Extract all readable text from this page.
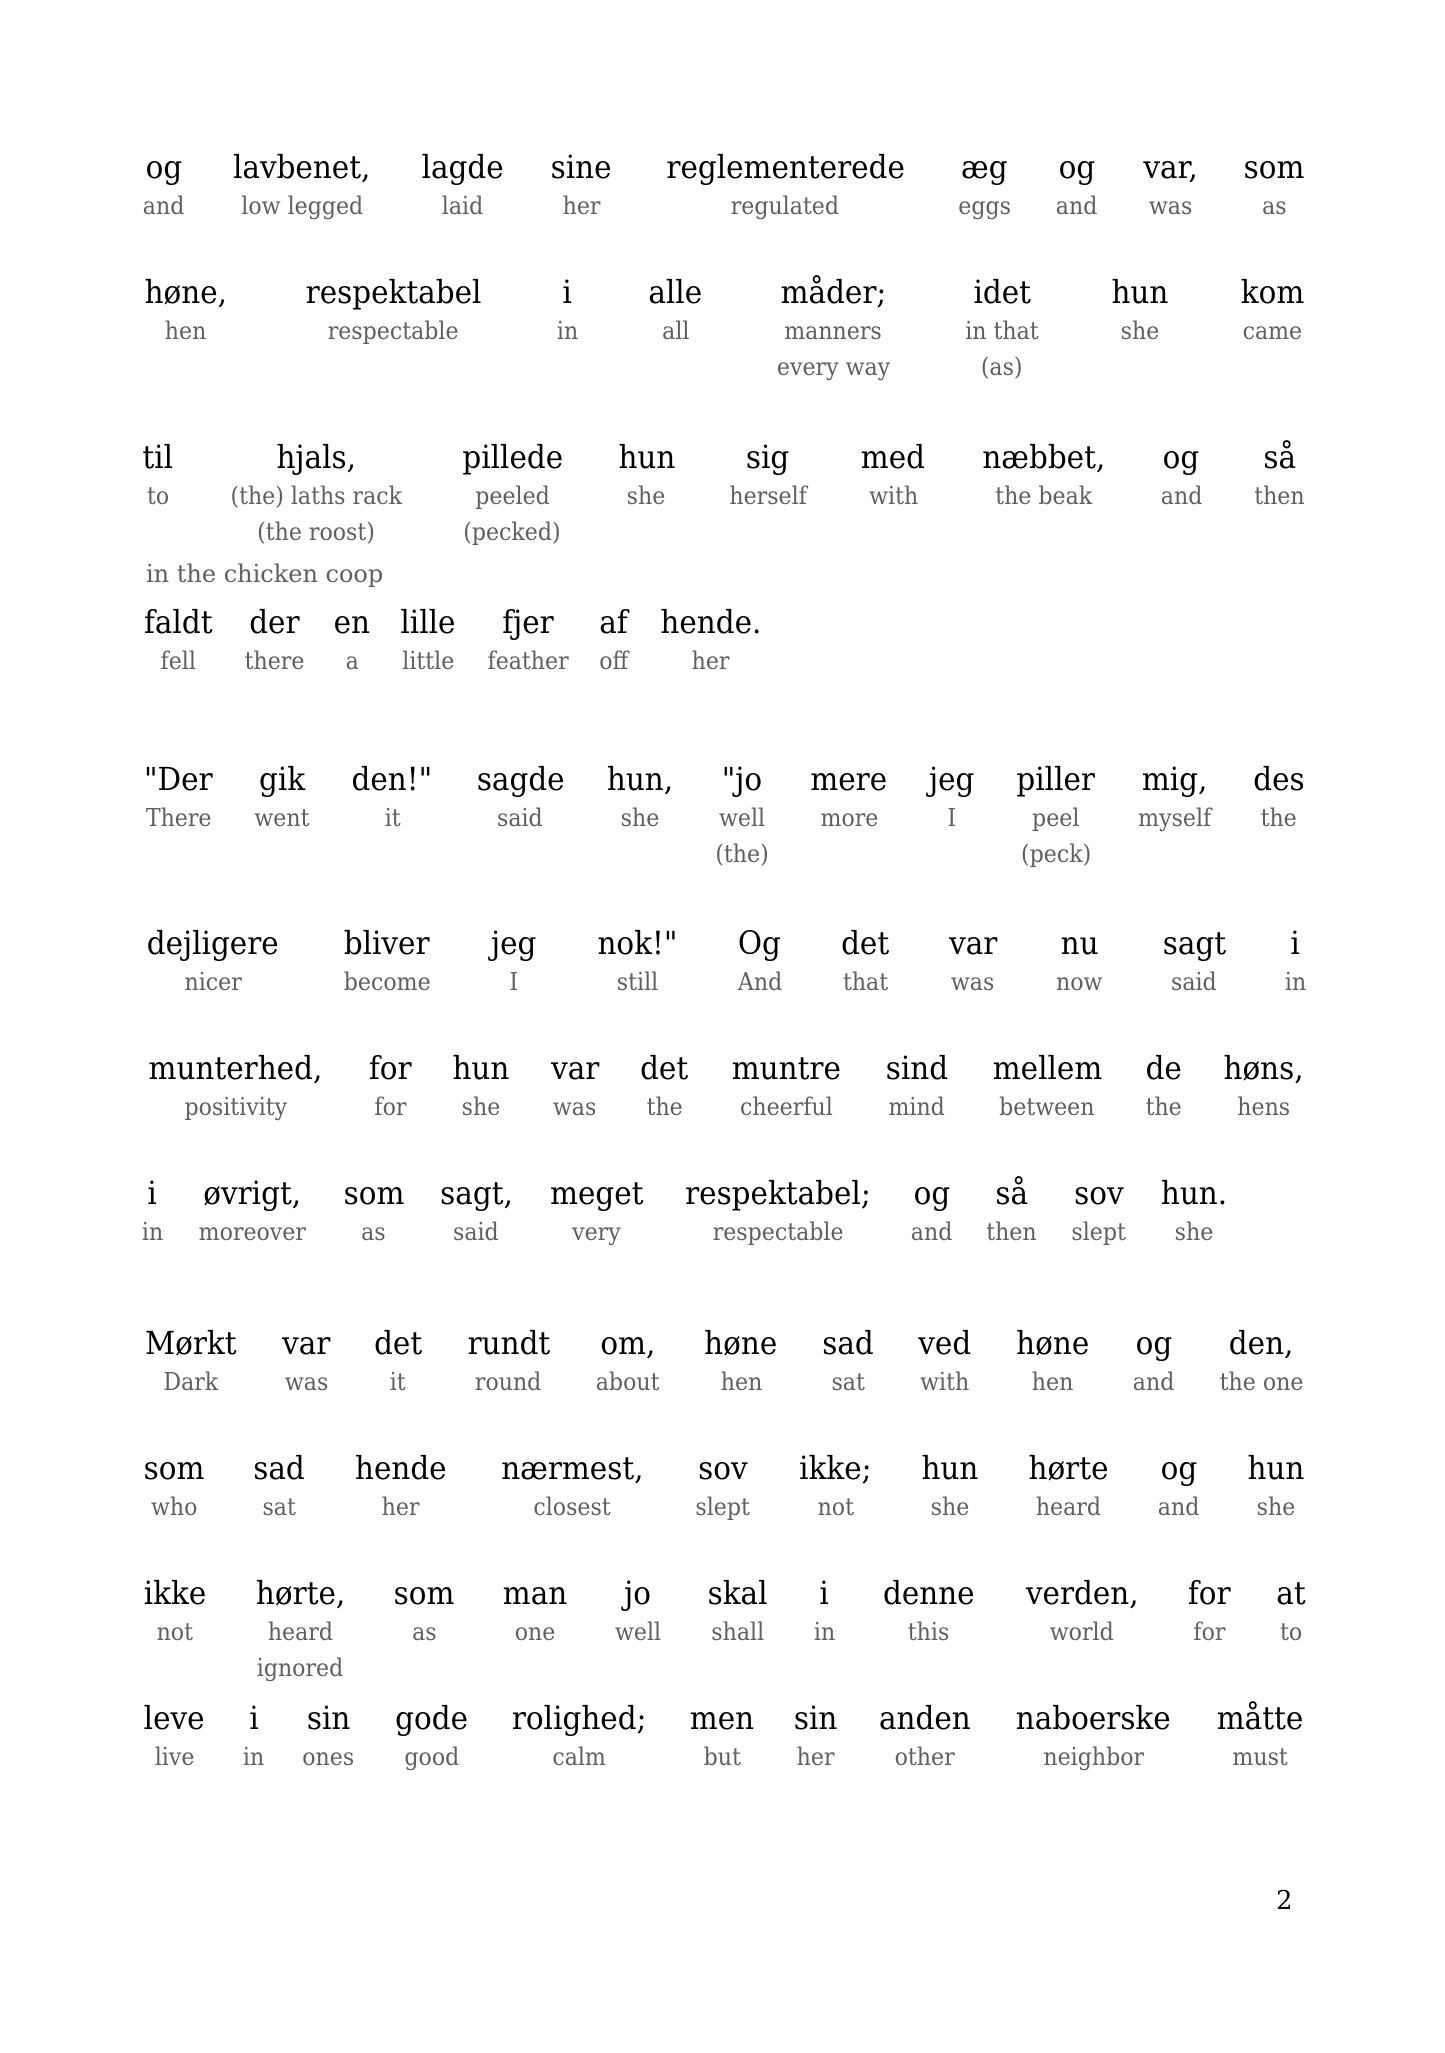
og
and
lavbenet,
low legged
lagde
laid
sine
her
reglementerede
regulated
æg
eggs
og
and
var,
was
som
as
høne,
hen
respektabel
respectable
i
in
alle
all
måder;
manners
every way
idet
in that
(as)
hun
she
kom
came
til
to
hjals,
(the) laths rack
(the roost)
pillede
peeled
(pecked)
hun
she
sig
herself
med
with
næbbet,
the beak
og
and
så
then
in the chicken coop
faldt
fell
der
there
en
a
lille
little
fjer
feather
af
off
hende.
her
"Der
There
gik
went
den!"
it
sagde
said
hun,
she
"jo
well
(the)
mere
more
jeg
I
piller
peel
(peck)
mig,
myself
des
the
dejligere
nicer
bliver
become
jeg
I
nok!"
still
Og
And
det
that
var
was
nu
now
sagt
said
i
in
munterhed,
positivity
for
for
hun
she
var
was
det
the
muntre
cheerful
sind
mind
mellem
between
de
the
høns,
hens
i
in
øvrigt,
moreover
som
as
sagt,
said
meget
very
respektabel;
respectable
og
and
så
then
sov
slept
hun.
she
Mørkt
Dark
var
was
det
it
rundt
round
om,
about
høne
hen
sad
sat
ved
with
høne
hen
og
and
den,
the one
som
who
sad
sat
hende
her
nærmest,
closest
sov
slept
ikke;
not
hun
she
hørte
heard
og
and
hun
she
ikke
not
hørte,
heard
ignored
som
as
man
one
jo
well
skal
shall
i
in
denne
this
verden,
world
for
for
at
to
leve
live
i
in
sin
ones
gode
good
rolighed;
calm
men
but
sin
her
anden
other
naboerske
neighbor
måtte
must
2
